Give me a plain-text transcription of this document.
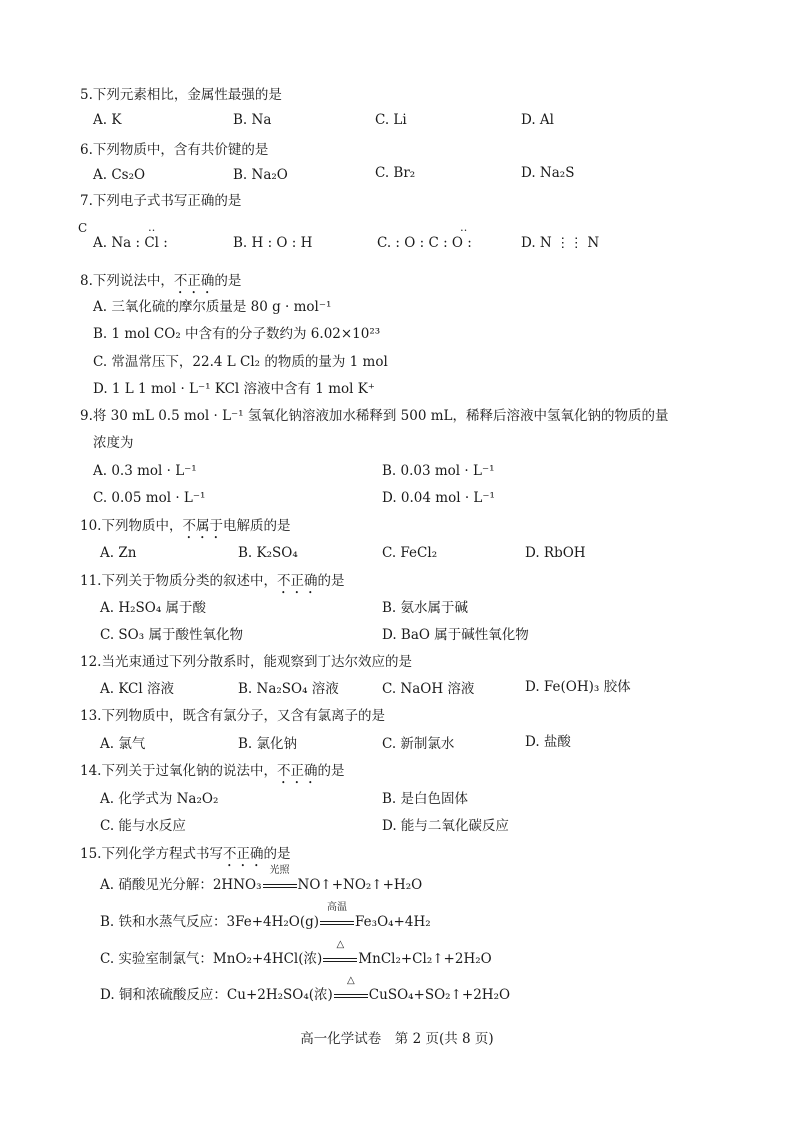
5.下列元素相比，金属性最强的是
A. K	B. Na	C. Li	D. Al
6.下列物质中，含有共价键的是
A. Cs₂O	B. Na₂O	C. Br₂	D. Na₂S
7.下列电子式书写正确的是
C	‥	‥
A. Na : Cl :	B. H : O : H	C. : O : C : O :	D. N ⋮⋮ N
8.下列说法中，不正确的是
A. 三氧化硫的摩尔质量是 80 g · mol⁻¹
B. 1 mol CO₂ 中含有的分子数约为 6.02×10²³
C. 常温常压下，22.4 L Cl₂ 的物质的量为 1 mol
D. 1 L 1 mol · L⁻¹ KCl 溶液中含有 1 mol K⁺
9.将 30 mL 0.5 mol · L⁻¹ 氢氧化钠溶液加水稀释到 500 mL，稀释后溶液中氢氧化钠的物质的量
浓度为
A. 0.3 mol · L⁻¹	B. 0.03 mol · L⁻¹
C. 0.05 mol · L⁻¹	D. 0.04 mol · L⁻¹
10.下列物质中，不属于电解质的是
A. Zn	B. K₂SO₄	C. FeCl₂	D. RbOH
11.下列关于物质分类的叙述中，不正确的是
A. H₂SO₄ 属于酸	B. 氨水属于碱
C. SO₃ 属于酸性氧化物	D. BaO 属于碱性氧化物
12.当光束通过下列分散系时，能观察到丁达尔效应的是
A. KCl 溶液	B. Na₂SO₄ 溶液	C. NaOH 溶液	D. Fe(OH)₃ 胶体
13.下列物质中，既含有氯分子，又含有氯离子的是
A. 氯气	B. 氯化钠	C. 新制氯水	D. 盐酸
14.下列关于过氧化钠的说法中，不正确的是
A. 化学式为 Na₂O₂	B. 是白色固体
C. 能与水反应	D. 能与二氧化碳反应
15.下列化学方程式书写不正确的是
A. 硝酸见光分解：2HNO₃
光照
NO↑+NO₂↑+H₂O
B. 铁和水蒸气反应：3Fe+4H₂O(g)
高温
Fe₃O₄+4H₂
C. 实验室制氯气：MnO₂+4HCl(浓)
△
MnCl₂+Cl₂↑+2H₂O
D. 铜和浓硫酸反应：Cu+2H₂SO₄(浓)
△
CuSO₄+SO₂↑+2H₂O
高一化学试卷　第 2 页(共 8 页)
